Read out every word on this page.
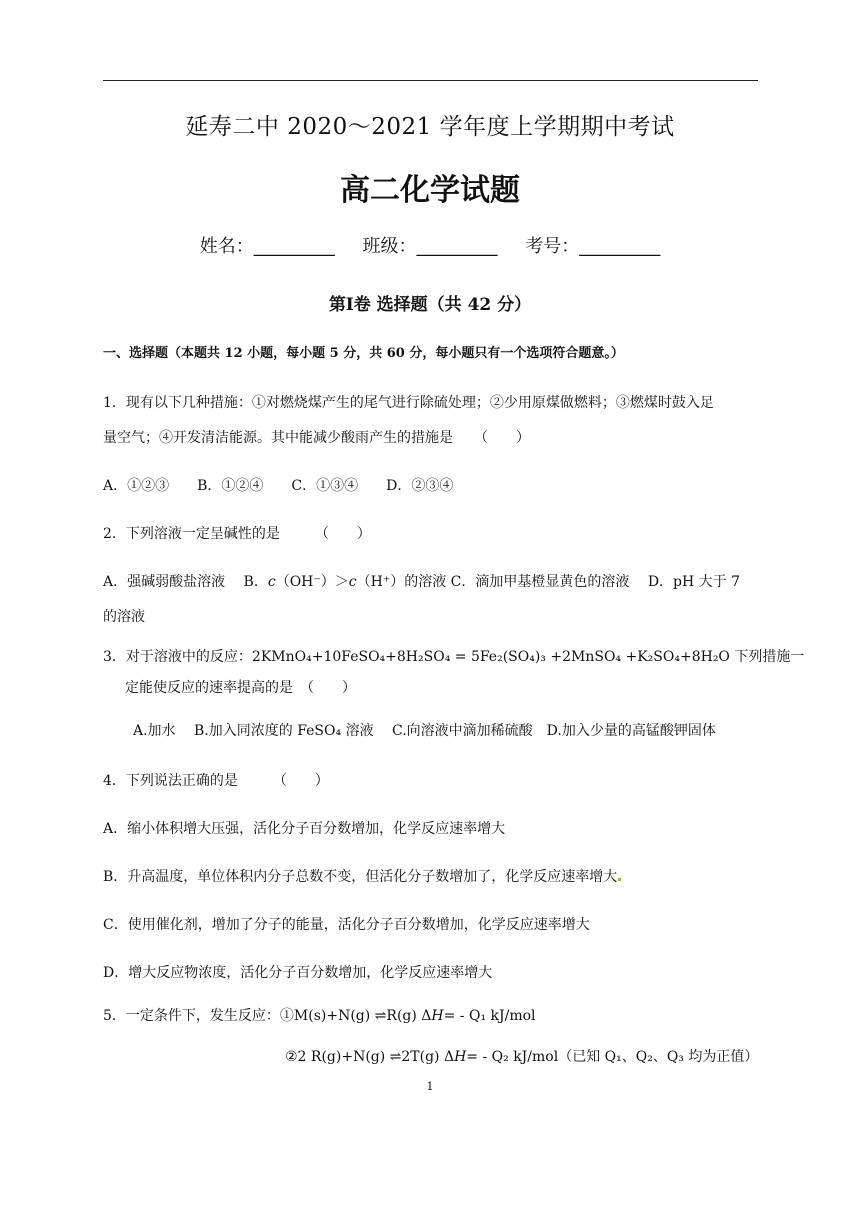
延寿二中 2020～2021 学年度上学期期中考试
高二化学试题
姓名：_________ 班级：_________ 考号：_________
第Ⅰ卷 选择题（共 42 分）
一、选择题（本题共 12 小题，每小题 5 分，共 60 分，每小题只有一个选项符合题意。）
1．现有以下几种措施：①对燃烧煤产生的尾气进行除硫处理；②少用原煤做燃料；③燃煤时鼓入足
量空气；④开发清洁能源。其中能减少酸雨产生的措施是　　（　　）
A．①②③　　B．①②④　　C．①③④　　D．②③④
2．下列溶液一定呈碱性的是　　　（　　）
A．强碱弱酸盐溶液　 B．c（OH⁻）＞c（H⁺）的溶液 C．滴加甲基橙显黄色的溶液　 D．pH 大于 7
的溶液
3．对于溶液中的反应：2KMnO₄+10FeSO₄+8H₂SO₄ = 5Fe₂(SO₄)₃ +2MnSO₄ +K₂SO₄+8H₂O 下列措施一
定能使反应的速率提高的是　（　　）
A.加水　 B.加入同浓度的 FeSO₄ 溶液　 C.向溶液中滴加稀硫酸　D.加入少量的高锰酸钾固体
4．下列说法正确的是　　　（　　）
A．缩小体积增大压强，活化分子百分数增加，化学反应速率增大
B．升高温度，单位体积内分子总数不变，但活化分子数增加了，化学反应速率增大
C．使用催化剂，增加了分子的能量，活化分子百分数增加，化学反应速率增大
D．增大反应物浓度，活化分子百分数增加，化学反应速率增大
5．一定条件下，发生反应：①M(s)+N(g) ⇌R(g) ΔH= - Q₁ kJ/mol
②2 R(g)+N(g) ⇌2T(g) ΔH= - Q₂ kJ/mol（已知 Q₁、Q₂、Q₃ 均为正值）
1
